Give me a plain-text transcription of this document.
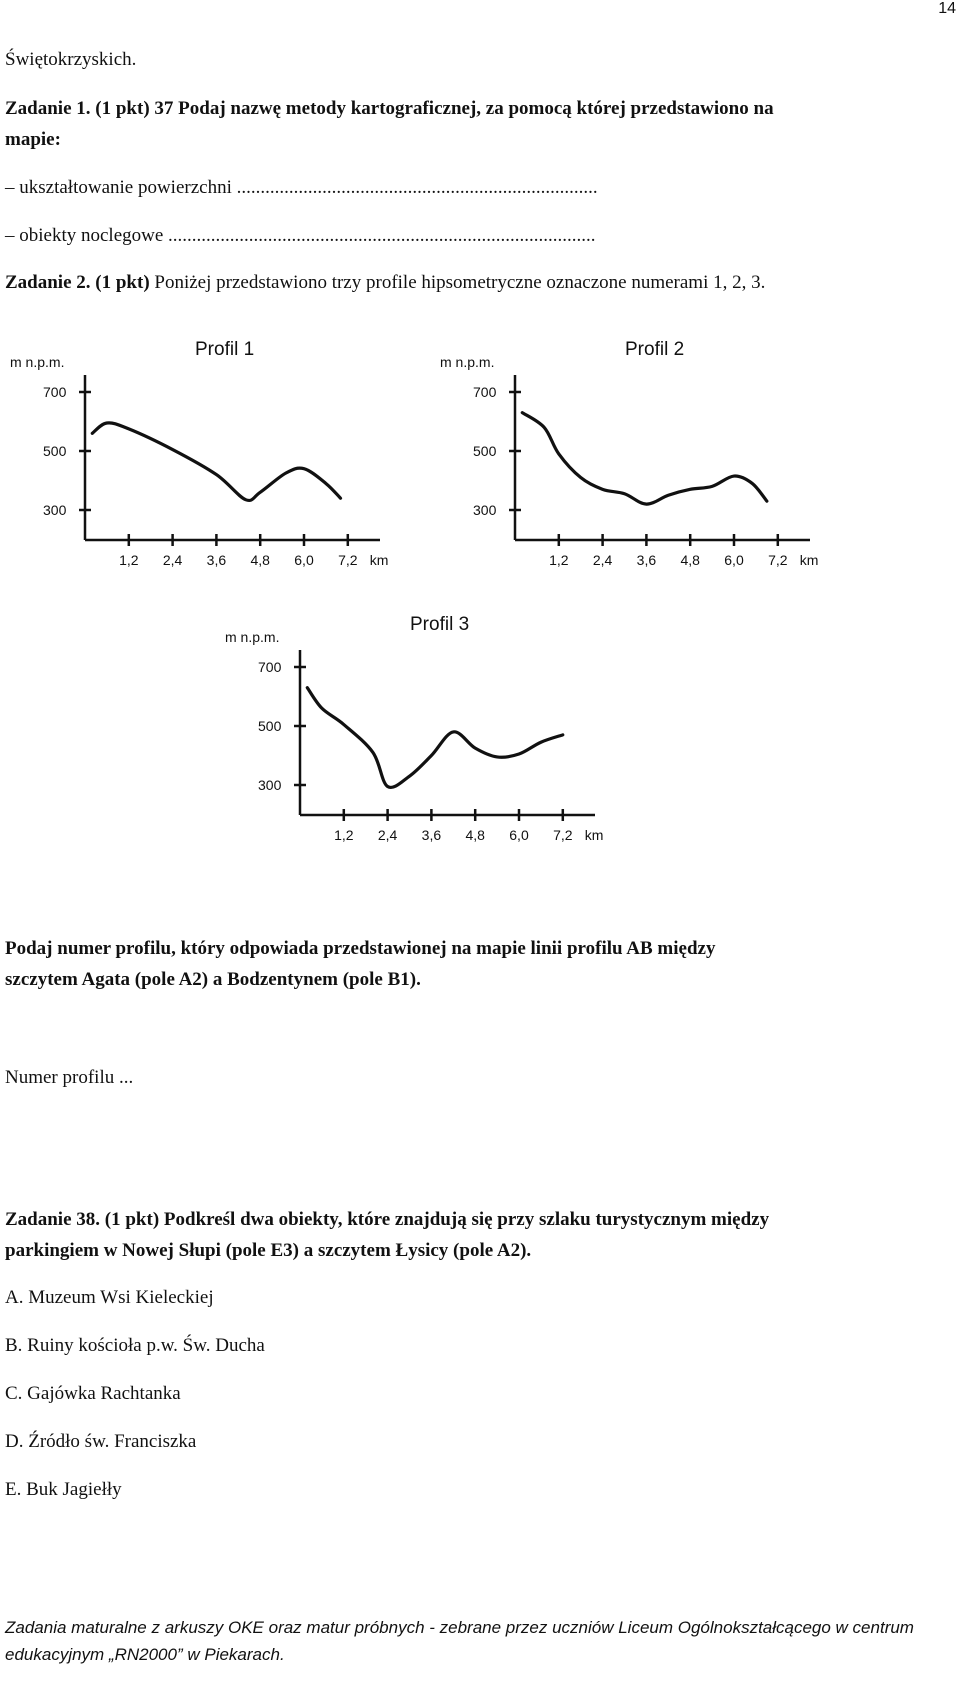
14
Świętokrzyskich.
Zadanie 1. (1 pkt) 37 Podaj nazwę metody kartograficznej, za pomocą której przedstawiono na
mapie:
– ukształtowanie powierzchni ............................................................................
– obiekty noclegowe ..........................................................................................
Zadanie 2. (1 pkt) Poniżej przedstawiono trzy profile hipsometryczne oznaczone numerami 1, 2, 3.
Profil 1
m n.p.m.
700
500
300
1,2 2,4 3,6 4,8 6,0 7,2 km
Profil 2
m n.p.m.
700
500
300
1,2 2,4 3,6 4,8 6,0 7,2 km
Profil 3
m n.p.m.
700
500
300
1,2 2,4 3,6 4,8 6,0 7,2 km
Podaj numer profilu, który odpowiada przedstawionej na mapie linii profilu AB między
szczytem Agata (pole A2) a Bodzentynem (pole B1).
Numer profilu ...
Zadanie 38. (1 pkt) Podkreśl dwa obiekty, które znajdują się przy szlaku turystycznym między
parkingiem w Nowej Słupi (pole E3) a szczytem Łysicy (pole A2).
A. Muzeum Wsi Kieleckiej
B. Ruiny kościoła p.w. Św. Ducha
C. Gajówka Rachtanka
D. Źródło św. Franciszka
E. Buk Jagiełły
Zadania maturalne z arkuszy OKE oraz matur próbnych - zebrane przez uczniów Liceum Ogólnokształcącego w centrum
edukacyjnym „RN2000” w Piekarach.
